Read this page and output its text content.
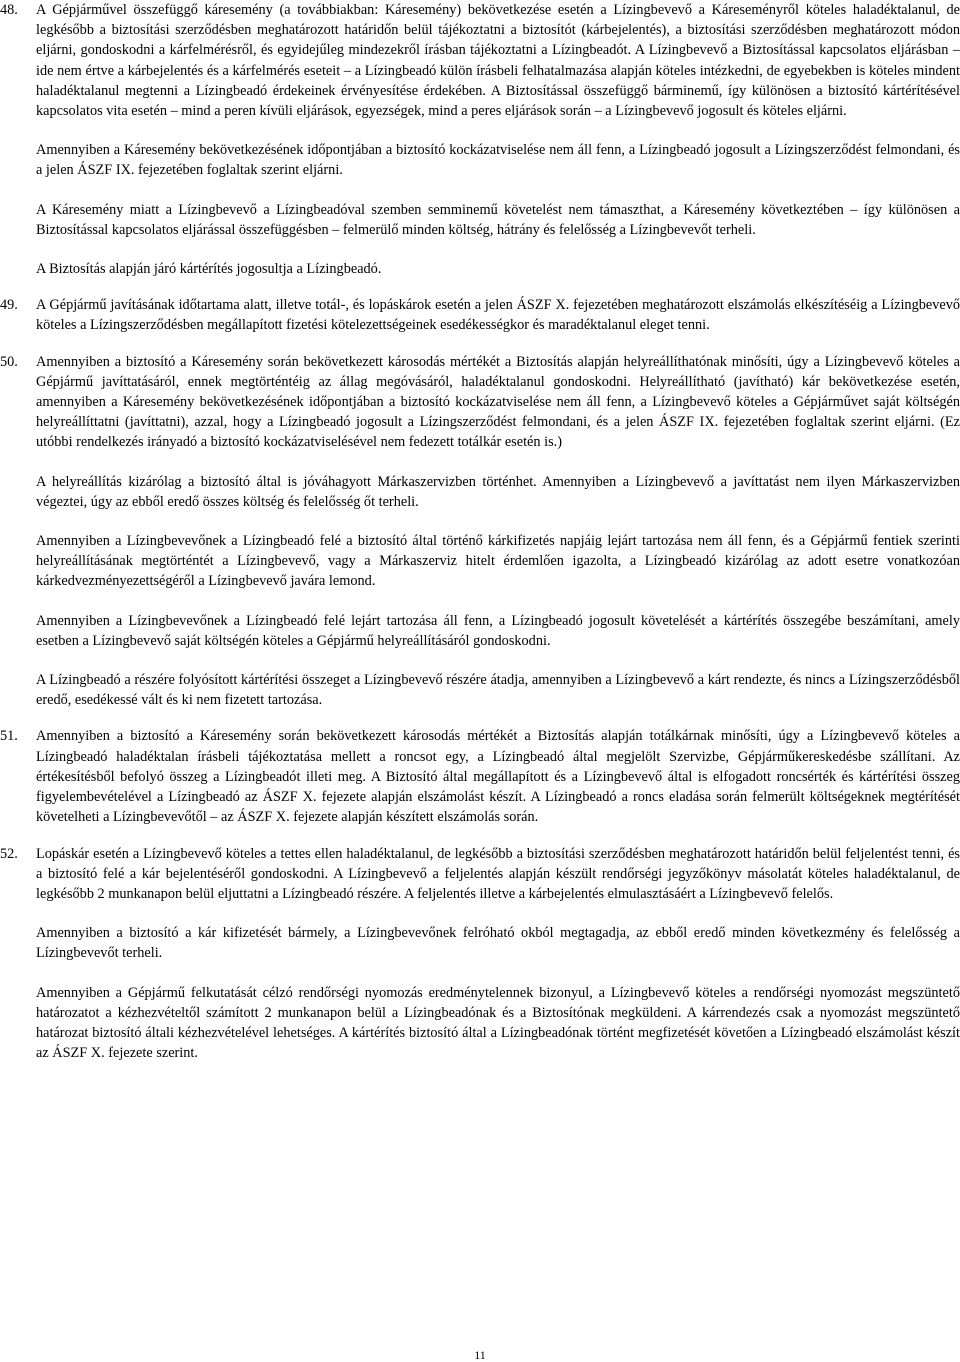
48.	A Gépjárművel összefüggő káresemény (a továbbiakban: Káresemény) bekövetkezése esetén a Lízingbevevő a Káreseményről köteles haladéktalanul, de legkésőbb a biztosítási szerződésben meghatározott határidőn belül tájékoztatni a biztosítót (kárbejelentés), a biztosítási szerződésben meghatározott módon eljárni, gondoskodni a kárfelmérésről, és egyidejűleg mindezekről írásban tájékoztatni a Lízingbeadót. A Lízingbevevő a Biztosítással kapcsolatos eljárásban – ide nem értve a kárbejelentés és a kárfelmérés eseteit – a Lízingbeadó külön írásbeli felhatalmazása alapján köteles intézkedni, de egyebekben is köteles mindent haladéktalanul megtenni a Lízingbeadó érdekeinek érvényesítése érdekében. A Biztosítással összefüggő bárminemű, így különösen a biztosító kártérítésével kapcsolatos vita esetén – mind a peren kívüli eljárások, egyezségek, mind a peres eljárások során – a Lízingbevevő jogosult és köteles eljárni.

Amennyiben a Káresemény bekövetkezésének időpontjában a biztosító kockázatviselése nem áll fenn, a Lízingbeadó jogosult a Lízingszerződést felmondani, és a jelen ÁSZF IX. fejezetében foglaltak szerint eljárni.

A Káresemény miatt a Lízingbevevő a Lízingbeadóval szemben semminemű követelést nem támaszthat, a Káresemény következtében – így különösen a Biztosítással kapcsolatos eljárással összefüggésben – felmerülő minden költség, hátrány és felelősség a Lízingbevevőt terheli.

A Biztosítás alapján járó kártérítés jogosultja a Lízingbeadó.

49.	A Gépjármű javításának időtartama alatt, illetve totál-, és lopáskárok esetén a jelen ÁSZF X. fejezetében meghatározott elszámolás elkészítéséig a Lízingbevevő köteles a Lízingszerződésben megállapított fizetési kötelezettségeinek esedékességkor és maradéktalanul eleget tenni.

50.	Amennyiben a biztosító a Káresemény során bekövetkezett károsodás mértékét a Biztosítás alapján helyreállíthatónak minősíti, úgy a Lízingbevevő köteles a Gépjármű javíttatásáról, ennek megtörténtéig az állag megóvásáról, haladéktalanul gondoskodni. Helyreállítható (javítható) kár bekövetkezése esetén, amennyiben a Káresemény bekövetkezésének időpontjában a biztosító kockázatviselése nem áll fenn, a Lízingbevevő köteles a Gépjárművet saját költségén helyreállíttatni (javíttatni), azzal, hogy a Lízingbeadó jogosult a Lízingszerződést felmondani, és a jelen ÁSZF IX. fejezetében foglaltak szerint eljárni. (Ez utóbbi rendelkezés irányadó a biztosító kockázatviselésével nem fedezett totálkár esetén is.)

A helyreállítás kizárólag a biztosító által is jóváhagyott Márkaszervizben történhet. Amennyiben a Lízingbevevő a javíttatást nem ilyen Márkaszervizben végeztei, úgy az ebből eredő összes költség és felelősség őt terheli.

Amennyiben a Lízingbevevőnek a Lízingbeadó felé a biztosító által történő kárkifizetés napjáig lejárt tartozása nem áll fenn, és a Gépjármű fentiek szerinti helyreállításának megtörténtét a Lízingbevevő, vagy a Márkaszerviz hitelt érdemlően igazolta, a Lízingbeadó kizárólag az adott esetre vonatkozóan kárkedvezményezettségéről a Lízingbevevő javára lemond.

Amennyiben a Lízingbevevőnek a Lízingbeadó felé lejárt tartozása áll fenn, a Lízingbeadó jogosult követelését a kártérítés összegébe beszámítani, amely esetben a Lízingbevevő saját költségén köteles a Gépjármű helyreállításáról gondoskodni.

A Lízingbeadó a részére folyósított kártérítési összeget a Lízingbevevő részére átadja, amennyiben a Lízingbevevő a kárt rendezte, és nincs a Lízingszerződésből eredő, esedékessé vált és ki nem fizetett tartozása.

51.	Amennyiben a biztosító a Káresemény során bekövetkezett károsodás mértékét a Biztosítás alapján totálkárnak minősíti, úgy a Lízingbevevő köteles a Lízingbeadó haladéktalan írásbeli tájékoztatása mellett a roncsot egy, a Lízingbeadó által megjelölt Szervizbe, Gépjárműkereskedésbe szállítani. Az értékesítésből befolyó összeg a Lízingbeadót illeti meg. A Biztosító által megállapított és a Lízingbevevő által is elfogadott roncsérték és kártérítési összeg figyelembevételével a Lízingbeadó az ÁSZF X. fejezete alapján elszámolást készít. A Lízingbeadó a roncs eladása során felmerült költségeknek megtérítését követelheti a Lízingbevevőtől – az ÁSZF X. fejezete alapján készített elszámolás során.

52.	Lopáskár esetén a Lízingbevevő köteles a tettes ellen haladéktalanul, de legkésőbb a biztosítási szerződésben meghatározott határidőn belül feljelentést tenni, és a biztosító felé a kár bejelentéséről gondoskodni. A Lízingbevevő a feljelentés alapján készült rendőrségi jegyzőkönyv másolatát köteles haladéktalanul, de legkésőbb 2 munkanapon belül eljuttatni a Lízingbeadó részére. A feljelentés illetve a kárbejelentés elmulasztásáért a Lízingbevevő felelős.

Amennyiben a biztosító a kár kifizetését bármely, a Lízingbevevőnek felróható okból megtagadja, az ebből eredő minden következmény és felelősség a Lízingbevevőt terheli.

Amennyiben a Gépjármű felkutatását célzó rendőrségi nyomozás eredménytelennek bizonyul, a Lízingbevevő köteles a rendőrségi nyomozást megszüntető határozatot a kézhezvételtől számított 2 munkanapon belül a Lízingbeadónak és a Biztosítónak megküldeni. A kárrendezés csak a nyomozást megszüntető határozat biztosító általi kézhezvételével lehetséges. A kártérítés biztosító által a Lízingbeadónak történt megfizetését követően a Lízingbeadó elszámolást készít az ÁSZF X. fejezete szerint.

11
